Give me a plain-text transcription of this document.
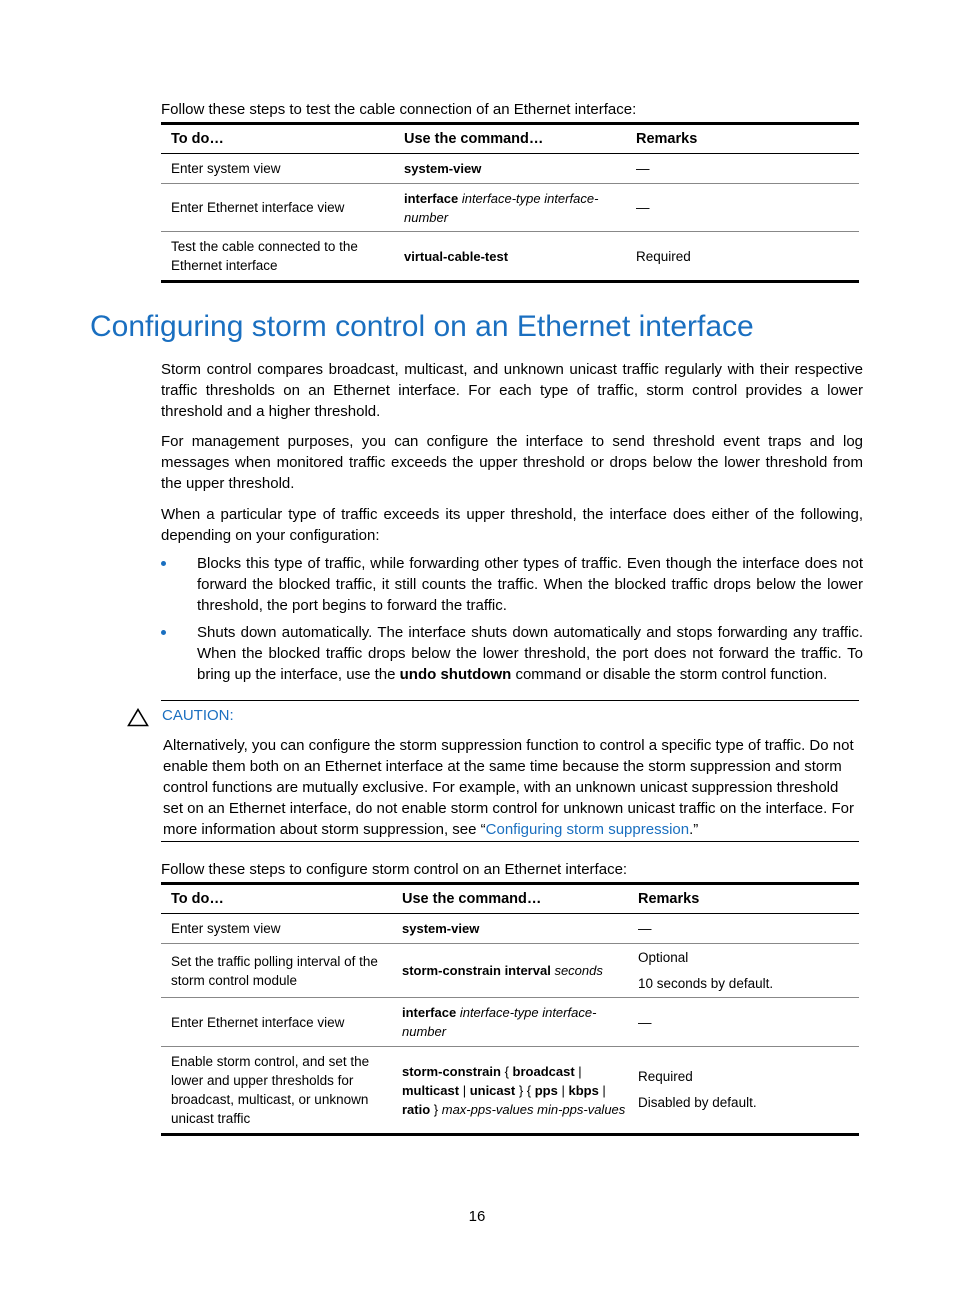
Follow these steps to test the cable connection of an Ethernet interface:
To do…	Use the command…	Remarks
Enter system view	system-view	—
Enter Ethernet interface view	interface interface-type interface-number	—
Test the cable connected to the Ethernet interface	virtual-cable-test	Required
Configuring storm control on an Ethernet interface
Storm control compares broadcast, multicast, and unknown unicast traffic regularly with their respective traffic thresholds on an Ethernet interface. For each type of traffic, storm control provides a lower threshold and a higher threshold.
For management purposes, you can configure the interface to send threshold event traps and log messages when monitored traffic exceeds the upper threshold or drops below the lower threshold from the upper threshold.
When a particular type of traffic exceeds its upper threshold, the interface does either of the following, depending on your configuration:
Blocks this type of traffic, while forwarding other types of traffic. Even though the interface does not forward the blocked traffic, it still counts the traffic. When the blocked traffic drops below the lower threshold, the port begins to forward the traffic.
Shuts down automatically. The interface shuts down automatically and stops forwarding any traffic. When the blocked traffic drops below the lower threshold, the port does not forward the traffic. To bring up the interface, use the undo shutdown command or disable the storm control function.
CAUTION:
Alternatively, you can configure the storm suppression function to control a specific type of traffic. Do not enable them both on an Ethernet interface at the same time because the storm suppression and storm control functions are mutually exclusive. For example, with an unknown unicast suppression threshold set on an Ethernet interface, do not enable storm control for unknown unicast traffic on the interface. For more information about storm suppression, see “Configuring storm suppression.”
Follow these steps to configure storm control on an Ethernet interface:
To do…	Use the command…	Remarks
Enter system view	system-view	—
Set the traffic polling interval of the storm control module	storm-constrain interval seconds	Optional
10 seconds by default.

Enter Ethernet interface view	interface interface-type interface-number	—
Enable storm control, and set the lower and upper thresholds for broadcast, multicast, or unknown unicast traffic	storm-constrain { broadcast | multicast | unicast } { pps | kbps | ratio } max-pps-values min-pps-values	Required
Disabled by default.
16
